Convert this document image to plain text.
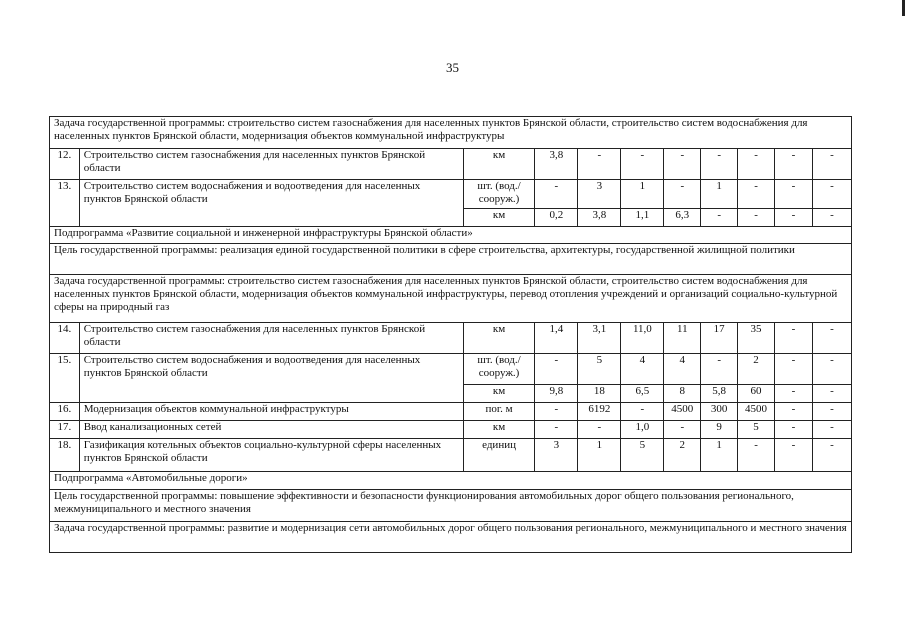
35
Задача государственной программы: строительство систем газоснабжения для населенных пунктов Брянской области, строительство систем водоснабжения для населенных пунктов Брянской области, модернизация объектов коммунальной инфраструктуры										
12.	Строительство систем газоснабжения для населенных пунктов Брянской области	км	3,8	-	-	-	-	-	-	-
13.	Строительство систем водоснабжения и водоотведения для населенных пунктов Брянской области	шт. (вод./ сооруж.)	-	3	1	-	1	-	-	-
		км	0,2	3,8	1,1	6,3	-	-	-	-
Подпрограмма «Развитие социальной и инженерной инфраструктуры Брянской области»										
Цель государственной программы: реализация единой государственной политики в сфере строительства, архитектуры, государственной жилищной политики										
Задача государственной программы: строительство систем газоснабжения для населенных пунктов Брянской области, строительство систем водоснабжения для населенных пунктов Брянской области, модернизация объектов коммунальной инфраструктуры, перевод отопления учреждений и организаций социально-культурной сферы на природный газ										
14.	Строительство систем газоснабжения для населенных пунктов Брянской области	км	1,4	3,1	11,0	11	17	35	-	-
15.	Строительство систем водоснабжения и водоотведения для населенных пунктов Брянской области	шт. (вод./ сооруж.)	-	5	4	4	-	2	-	-
		км	9,8	18	6,5	8	5,8	60	-	-
16.	Модернизация объектов коммунальной инфраструктуры	пог. м	-	6192	-	4500	300	4500	-	-
17.	Ввод канализационных сетей	км	-	-	1,0	-	9	5	-	-
18.	Газификация котельных объектов социально-культурной сферы населенных пунктов Брянской области	единиц	3	1	5	2	1	-	-	-
Подпрограмма «Автомобильные дороги»										
Цель государственной программы: повышение эффективности и безопасности функционирования автомобильных дорог общего пользования регионального, межмуниципального и местного значения										
Задача государственной программы: развитие и модернизация сети автомобильных дорог общего пользования регионального, межмуниципального и местного значения										
